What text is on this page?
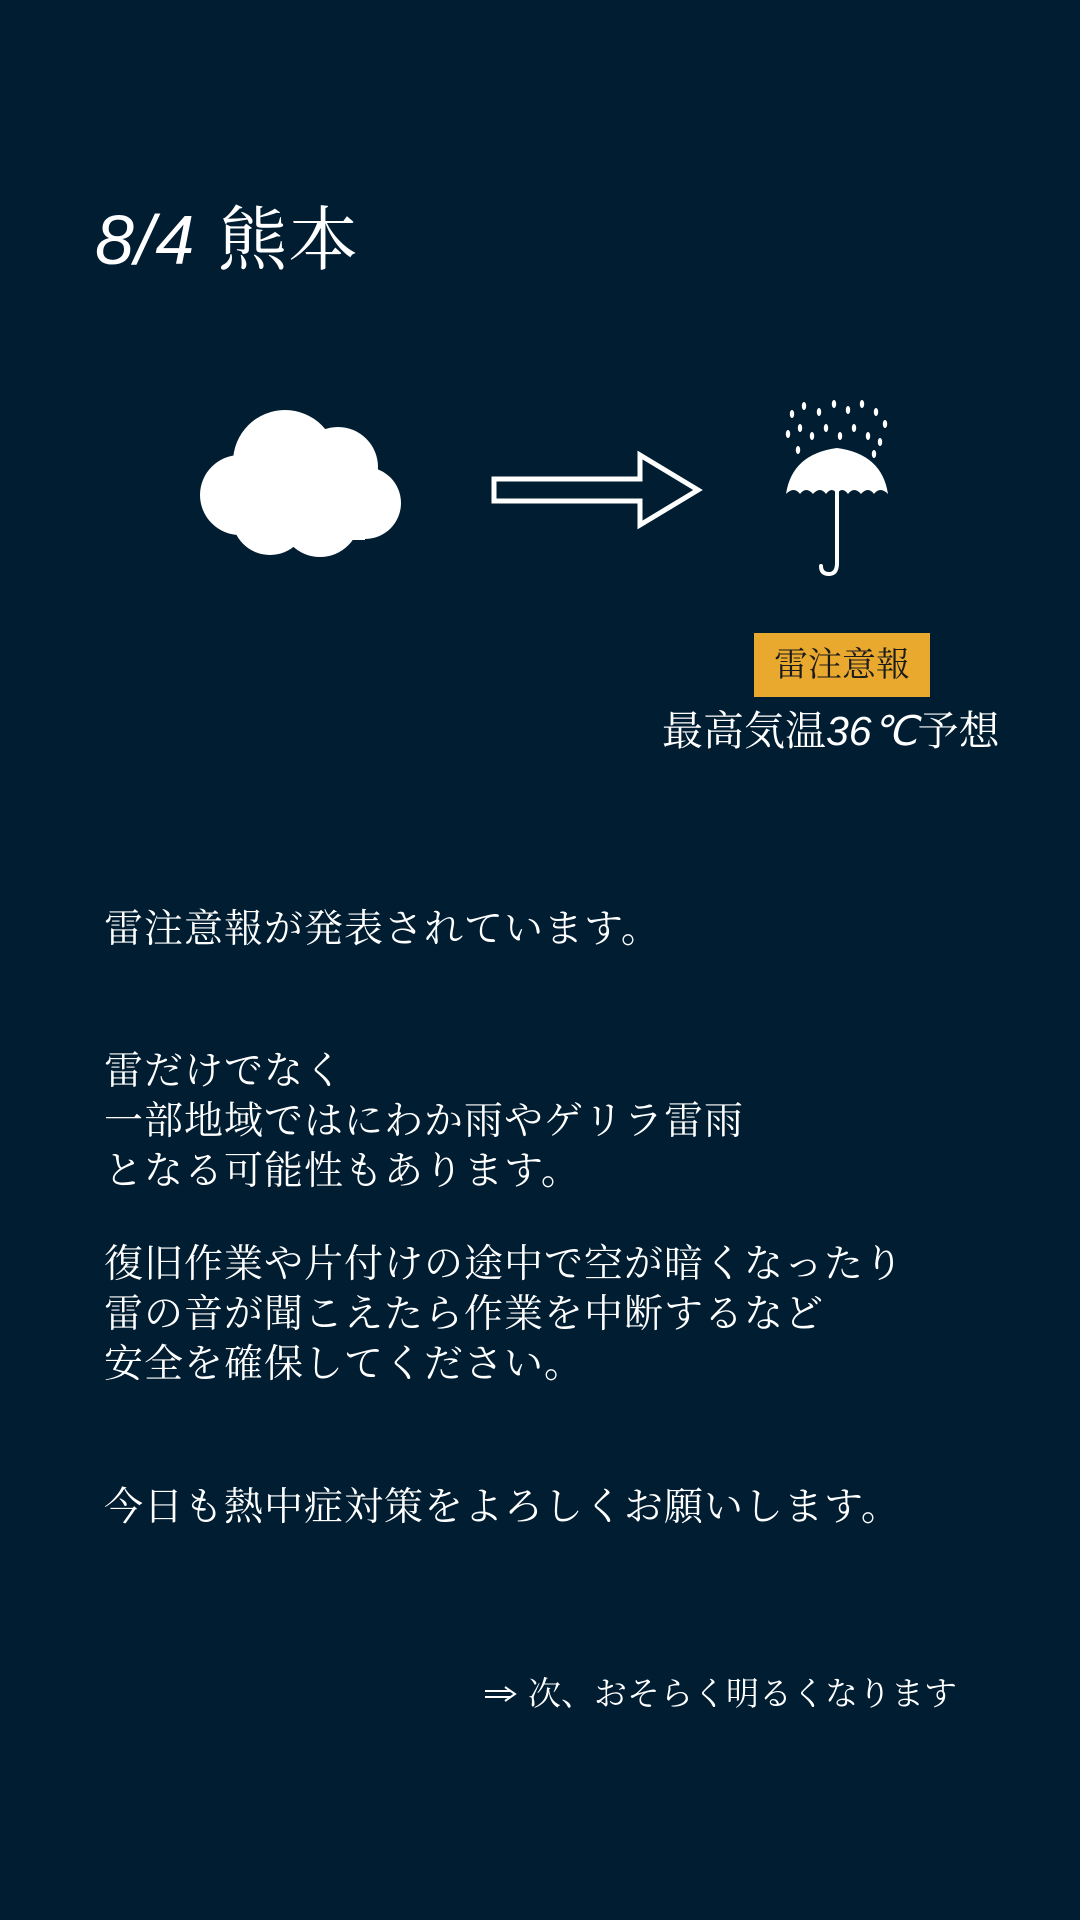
8/4 熊本
雷注意報
最高気温36℃予想
雷注意報が発表されています。
雷だけでなく
一部地域ではにわか雨やゲリラ雷雨
となる可能性もあります。
復旧作業や片付けの途中で空が暗くなったり
雷の音が聞こえたら作業を中断するなど
安全を確保してください。
今日も熱中症対策をよろしくお願いします。
次、おそらく明るくなります
